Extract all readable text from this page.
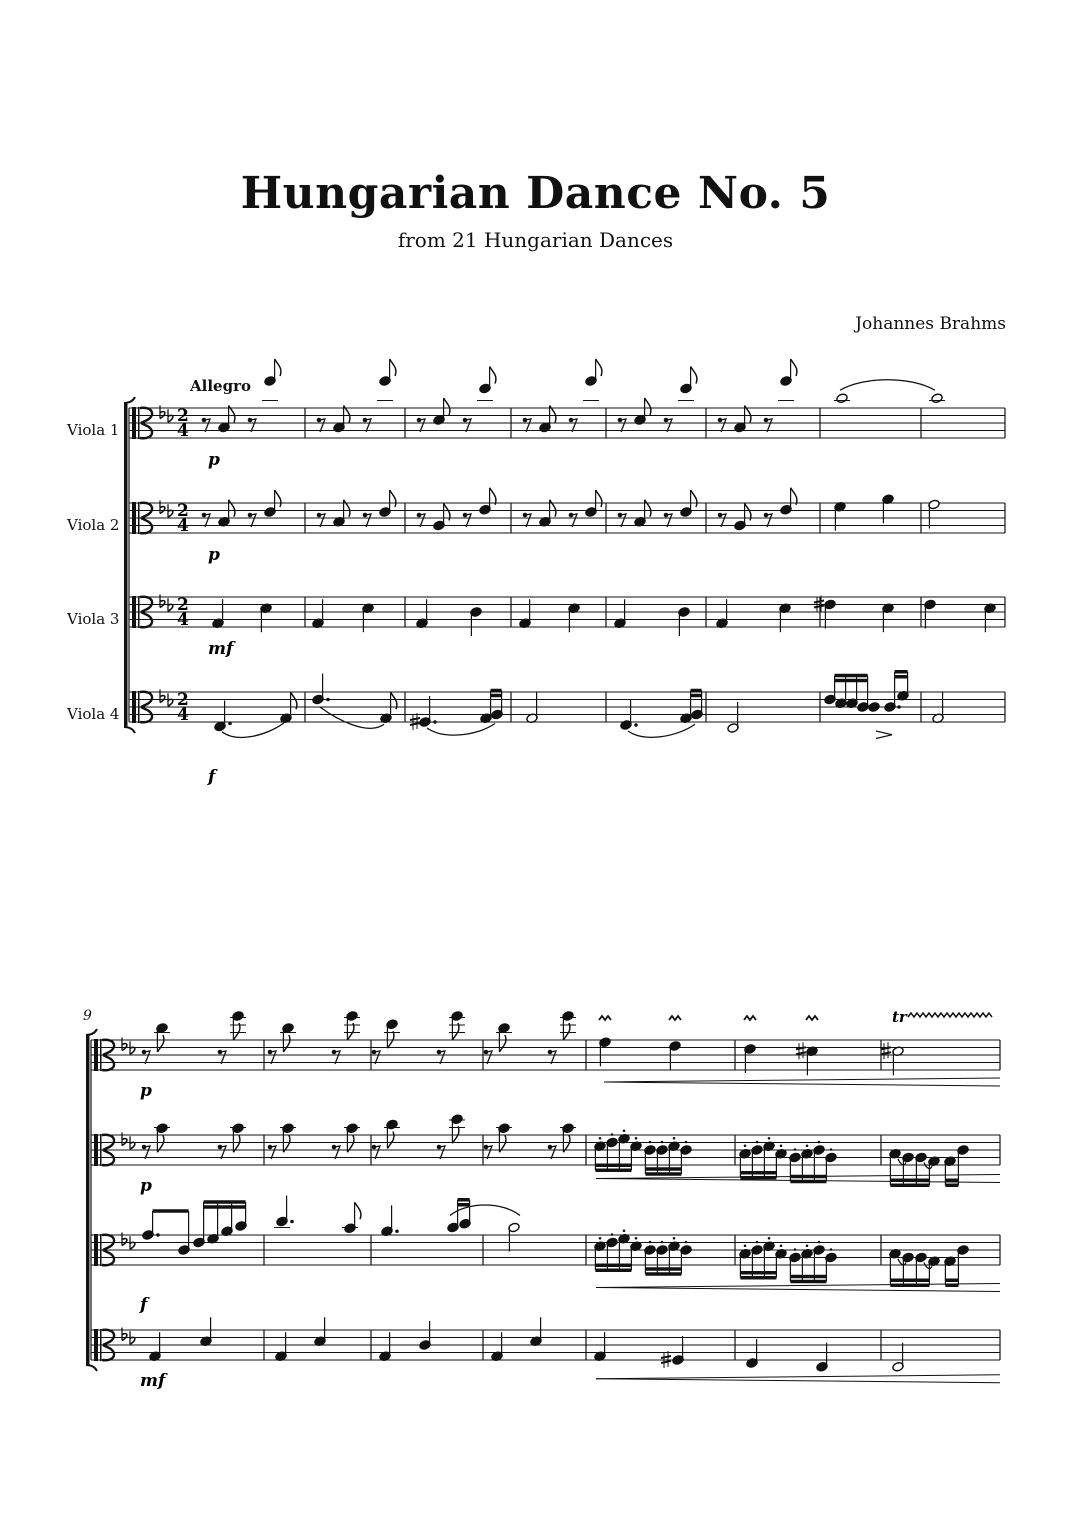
Hungarian Dance No. 5
from 21 Hungarian Dances
Johannes Brahms
Allegro
Viola 1
Viola 2
Viola 3
Viola 4
9
2
4
p
2
4
p
2
4
mf
2
4
f
p
p
f
mf
tr
